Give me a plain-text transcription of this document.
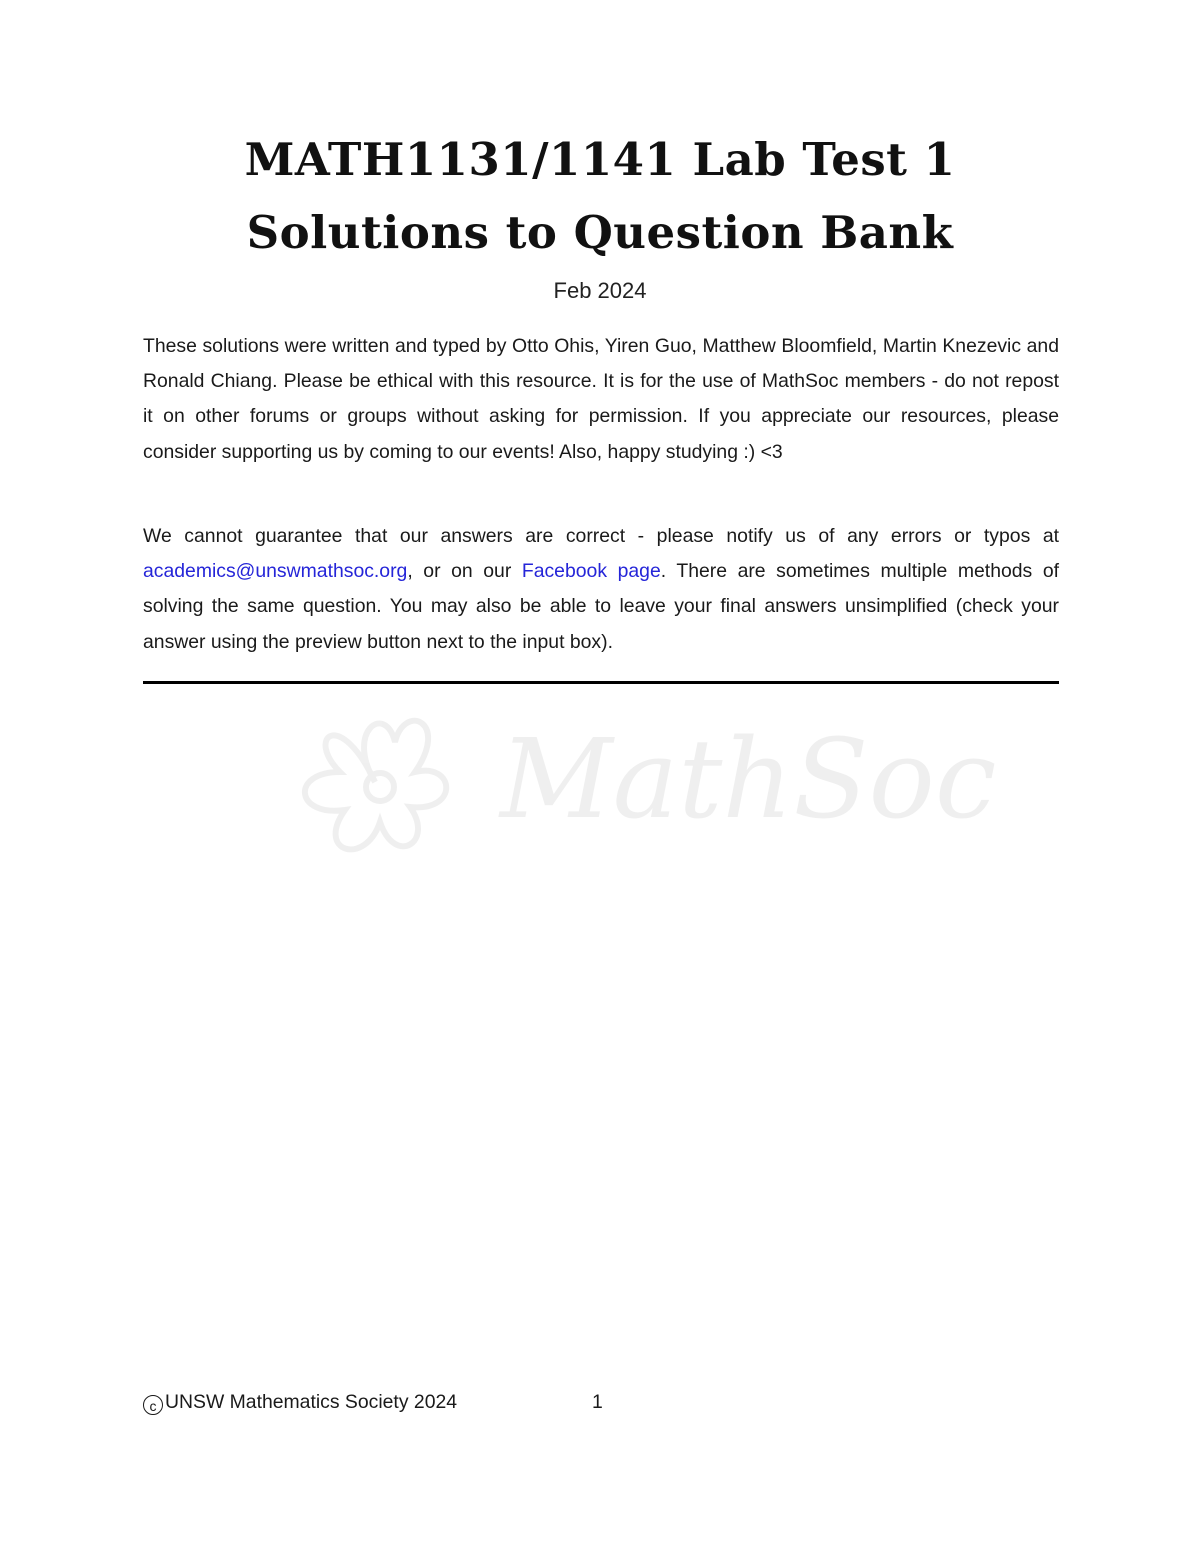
MATH1131/1141 Lab Test 1
Solutions to Question Bank
Feb 2024

These solutions were written and typed by Otto Ohis, Yiren Guo, Matthew Bloomfield, Martin Knezevic and Ronald Chiang. Please be ethical with this resource. It is for the use of MathSoc members - do not repost it on other forums or groups without asking for permission. If you appreciate our resources, please consider supporting us by coming to our events! Also, happy studying :) <3

We cannot guarantee that our answers are correct - please notify us of any errors or typos at academics@unswmathsoc.org, or on our Facebook page. There are sometimes multiple methods of solving the same question. You may also be able to leave your final answers unsimplified (check your answer using the preview button next to the input box).

MathSoc
c UNSW Mathematics Society 2024	1
